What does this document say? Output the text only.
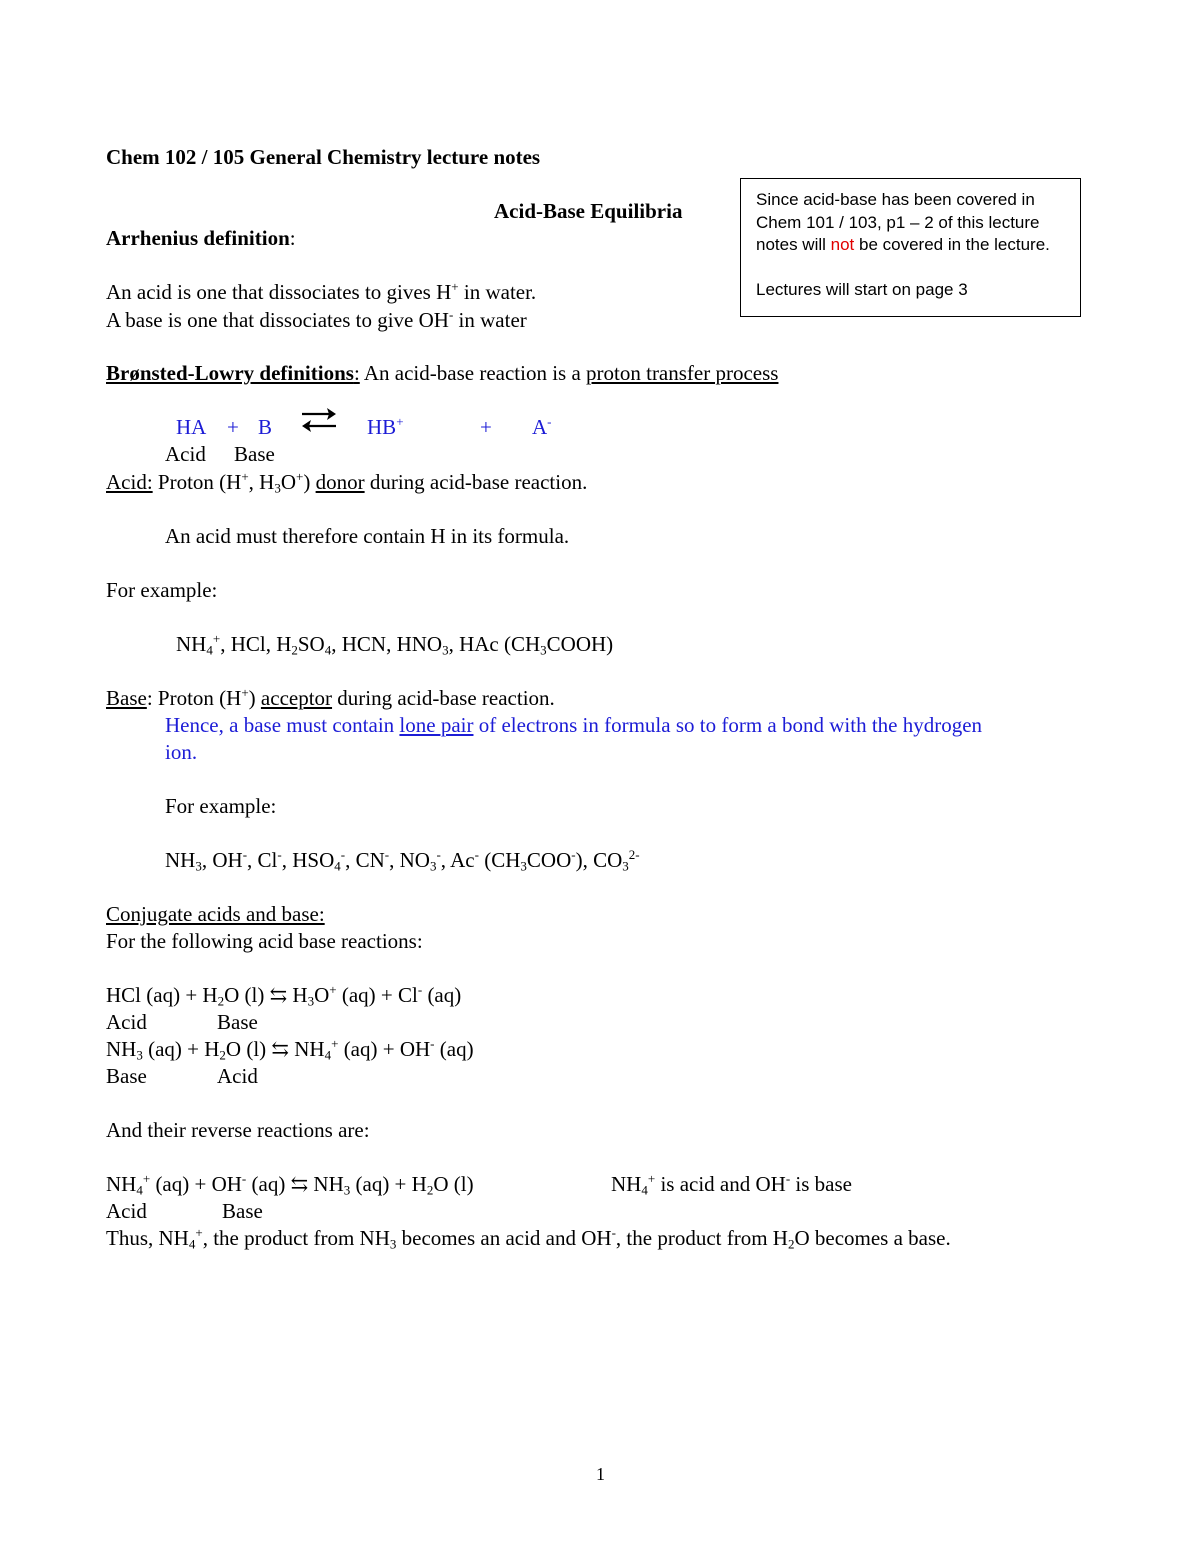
Chem 102 / 105 General Chemistry lecture notes
Acid-Base Equilibria	Since acid-base has been covered in
Chem 101 / 103, p1 – 2 of this lecture
notes will not be covered in the lecture.
Lectures will start on page 3
Arrhenius definition:
An acid is one that dissociates to gives H+ in water.
A base is one that dissociates to give OH- in water
Brønsted-Lowry definitions: An acid-base reaction is a proton transfer process
HA + B ⇌ HB+	+ A-
Acid Base
Acid: Proton (H+, $H_3O^+$) donor during acid-base reaction.
An acid must therefore contain H in its formula.
For example:
$NH_4^+$, HCl, $H_2SO_4$, HCN, $HNO_3$, HAc $(CH_3COOH)$
Base: Proton (H+) acceptor during acid-base reaction.
Hence, a base must contain lone pair of electrons in formula so to form a bond with the hydrogen
ion.
For example:
$NH_3$, OH-, Cl-, $HSO_4^-$, CN-, $NO_3^-$, Ac- $(CH_3COO^-)$, $CO_3^{2-}$
Conjugate acids and base:
For the following acid base reactions:
HCl $(aq) + H_2O$ (l) ⇆ $H_3O^+$ (aq) + Cl- (aq)
Acid	Base
$NH_3$ $(aq) + H_2O$ (l) ⇆ $NH_4^+$ (aq) + OH- (aq)
Base	Acid
And their reverse reactions are:
$NH_4^+$ (aq) + OH- (aq) ⇆ $NH_3$ $(aq) + H_2O$ (l)	$NH_4^+$ is acid and OH- is base
Acid	Base
Thus, $NH_4^+$, the product from $NH_3$ becomes an acid and OH-, the product from $H_2O$ becomes a base.
1
